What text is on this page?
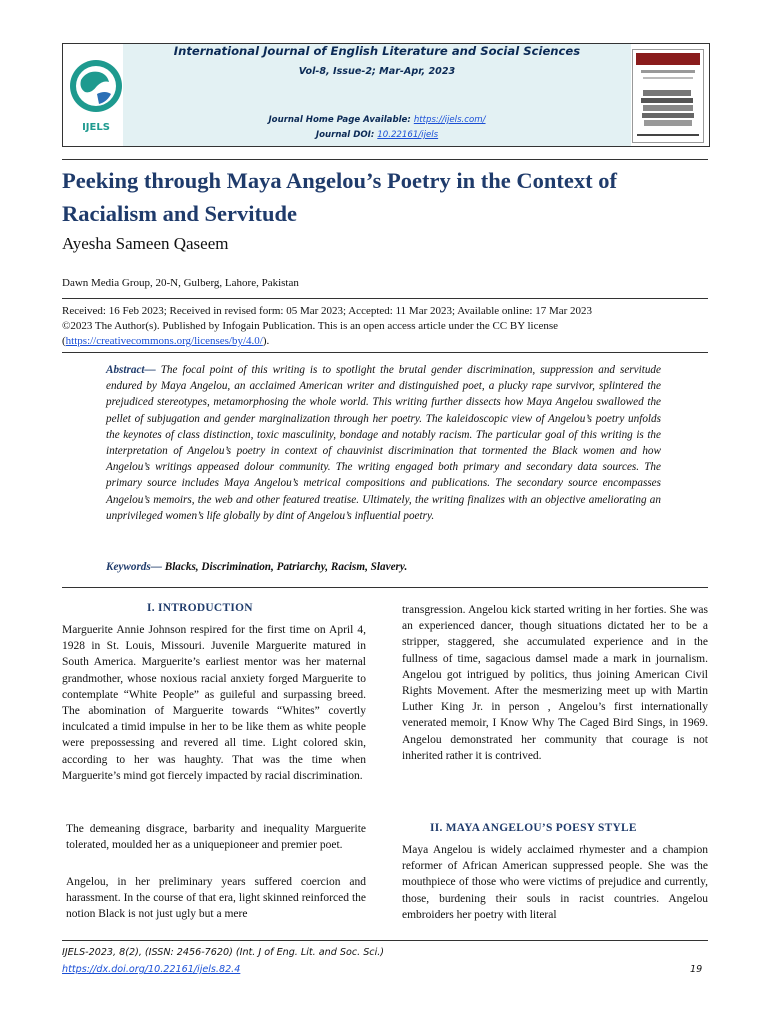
IJELS
International Journal of English Literature and Social Sciences
Vol-8, Issue-2; Mar-Apr, 2023
Journal Home Page Available: https://ijels.com/
Journal DOI: 10.22161/ijels
Peeking through Maya Angelou’s Poetry in the Context of Racialism and Servitude
Ayesha Sameen Qaseem
Dawn Media Group, 20-N, Gulberg, Lahore, Pakistan
Received: 16 Feb 2023; Received in revised form: 05 Mar 2023; Accepted: 11 Mar 2023; Available online: 17 Mar 2023
©2023 The Author(s). Published by Infogain Publication. This is an open access article under the CC BY license
(https://creativecommons.org/licenses/by/4.0/).
Abstract— The focal point of this writing is to spotlight the brutal gender discrimination, suppression and servitude endured by Maya Angelou, an acclaimed American writer and distinguished poet, a plucky rape survivor, splintered the prejudiced stereotypes, metamorphosing the whole world. This writing further dissects how Maya Angelou swallowed the pellet of subjugation and gender marginalization through her poetry. The kaleidoscopic view of Angelou’s poetry unfolds the keynotes of class distinction, toxic masculinity, bondage and notably racism. The particular goal of this writing is the interpretation of Angelou’s poetry in context of chauvinist discrimination that tormented the Black women and how Angelou’s writings appeased dolour community. The writing engaged both primary and secondary data sources. The primary source includes Maya Angelou’s metrical compositions and publications. The secondary source encompasses Angelou’s memoirs, the web and other featured treatise. Ultimately, the writing finalizes with an objective ameliorating an unprivileged women’s life globally by dint of Angelou’s influential poetry.
Keywords— Blacks, Discrimination, Patriarchy, Racism, Slavery.
I. INTRODUCTION

Marguerite Annie Johnson respired for the first time on April 4, 1928 in St. Louis, Missouri. Juvenile Marguerite matured in South America. Marguerite’s earliest mentor was her maternal grandmother, whose noxious racial anxiety forged Marguerite to contemplate “White People” as guileful and surpassing breed. The abomination of Marguerite towards “Whites” covertly inculcated a timid impulse in her to be like them as white people were prepossessing and revered all time. Light colored skin, according to her was haughty. That was the time when Marguerite’s mind got fiercely impacted by racial discrimination.

The demeaning disgrace, barbarity and inequality Marguerite tolerated, moulded her as a uniquepioneer and premier poet.

Angelou, in her preliminary years suffered coercion and harassment. In the course of that era, light skinned reinforced the notion Black is not just ugly but a mere

transgression. Angelou kick started writing in her forties. She was an experienced dancer, though situations dictated her to be a stripper, staggered, she accumulated experience and in the fullness of time, sagacious damsel made a mark in journalism. Angelou got intrigued by politics, thus joining American Civil Rights Movement. After the mesmerizing meet up with Martin Luther King Jr. in person , Angelou’s first internationally venerated memoir, I Know Why The Caged Bird Sings, in 1969. Angelou demonstrated her community that courage is not inherited rather it is contrived.

II. MAYA ANGELOU’S POESY STYLE

Maya Angelou is widely acclaimed rhymester and a champion reformer of African American suppressed people. She was the mouthpiece of those who were victims of prejudice and currently, those, burdening their souls in racist countries. Angelou embroiders her poetry with literal

IJELS-2023, 8(2), (ISSN: 2456-7620) (Int. J of Eng. Lit. and Soc. Sci.)
https://dx.doi.org/10.22161/ijels.82.4	19
